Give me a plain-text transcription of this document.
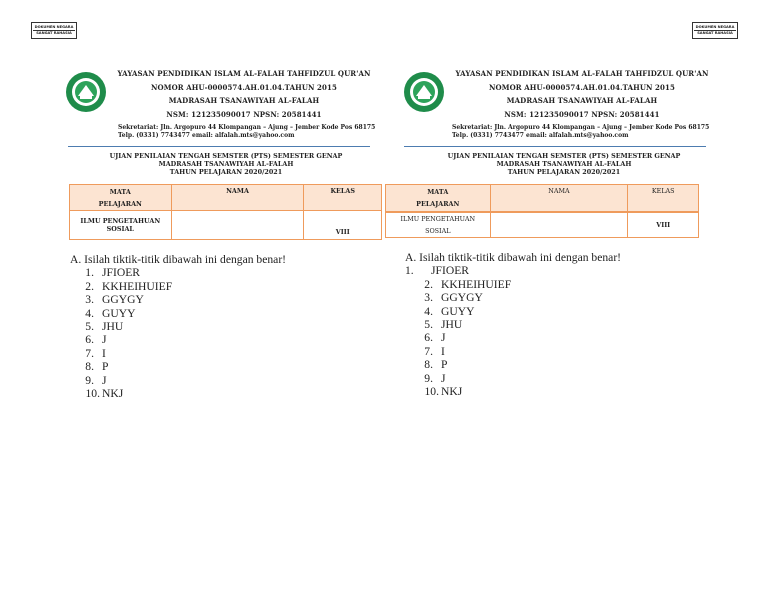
DOKUMEN NEGARA
SANGAT RAHASIA
DOKUMEN NEGARA
SANGAT RAHASIA
YAYASAN PENDIDIKAN ISLAM AL-FALAH TAHFIDZUL QUR'AN
NOMOR AHU-0000574.AH.01.04.TAHUN 2015
MADRASAH TSANAWIYAH AL-FALAH
NSM: 121235090017 NPSN: 20581441
Sekretariat: Jln. Argopuro 44 Klompangan – Ajung – Jember Kode Pos 68175
Telp. (0331) 7743477 email: alfalah.mts@yahoo.com
UJIAN PENILAIAN TENGAH SEMSTER (PTS) SEMESTER GENAP
MADRASAH TSANAWIYAH AL-FALAH
TAHUN PELAJARAN 2020/2021
MATA
PELAJARAN	NAMA	KELAS

ILMU PENGETAHUAN
SOSIAL		VIII
A. Isilah tiktik-titik dibawah ini dengan benar!
1. JFIOER
2. KKHEIHUIEF
3. GGYGY
4. GUYY
5. JHU
6. J
7. I
8. P
9. J
10. NKJ
YAYASAN PENDIDIKAN ISLAM AL-FALAH TAHFIDZUL QUR'AN
NOMOR AHU-0000574.AH.01.04.TAHUN 2015
MADRASAH TSANAWIYAH AL-FALAH
NSM: 121235090017 NPSN: 20581441
Sekretariat: Jln. Argopuro 44 Klompangan – Ajung – Jember Kode Pos 68175
Telp. (0331) 7743477 email: alfalah.mts@yahoo.com
UJIAN PENILAIAN TENGAH SEMSTER (PTS) SEMESTER GENAP
MADRASAH TSANAWIYAH AL-FALAH
TAHUN PELAJARAN 2020/2021
MATA
PELAJARAN	NAMA	KELAS

ILMU PENGETAHUAN
SOSIAL		VIII
A. Isilah tiktik-titik dibawah ini dengan benar!
1. JFIOER
2. KKHEIHUIEF
3. GGYGY
4. GUYY
5. JHU
6. J
7. I
8. P
9. J
10. NKJ
